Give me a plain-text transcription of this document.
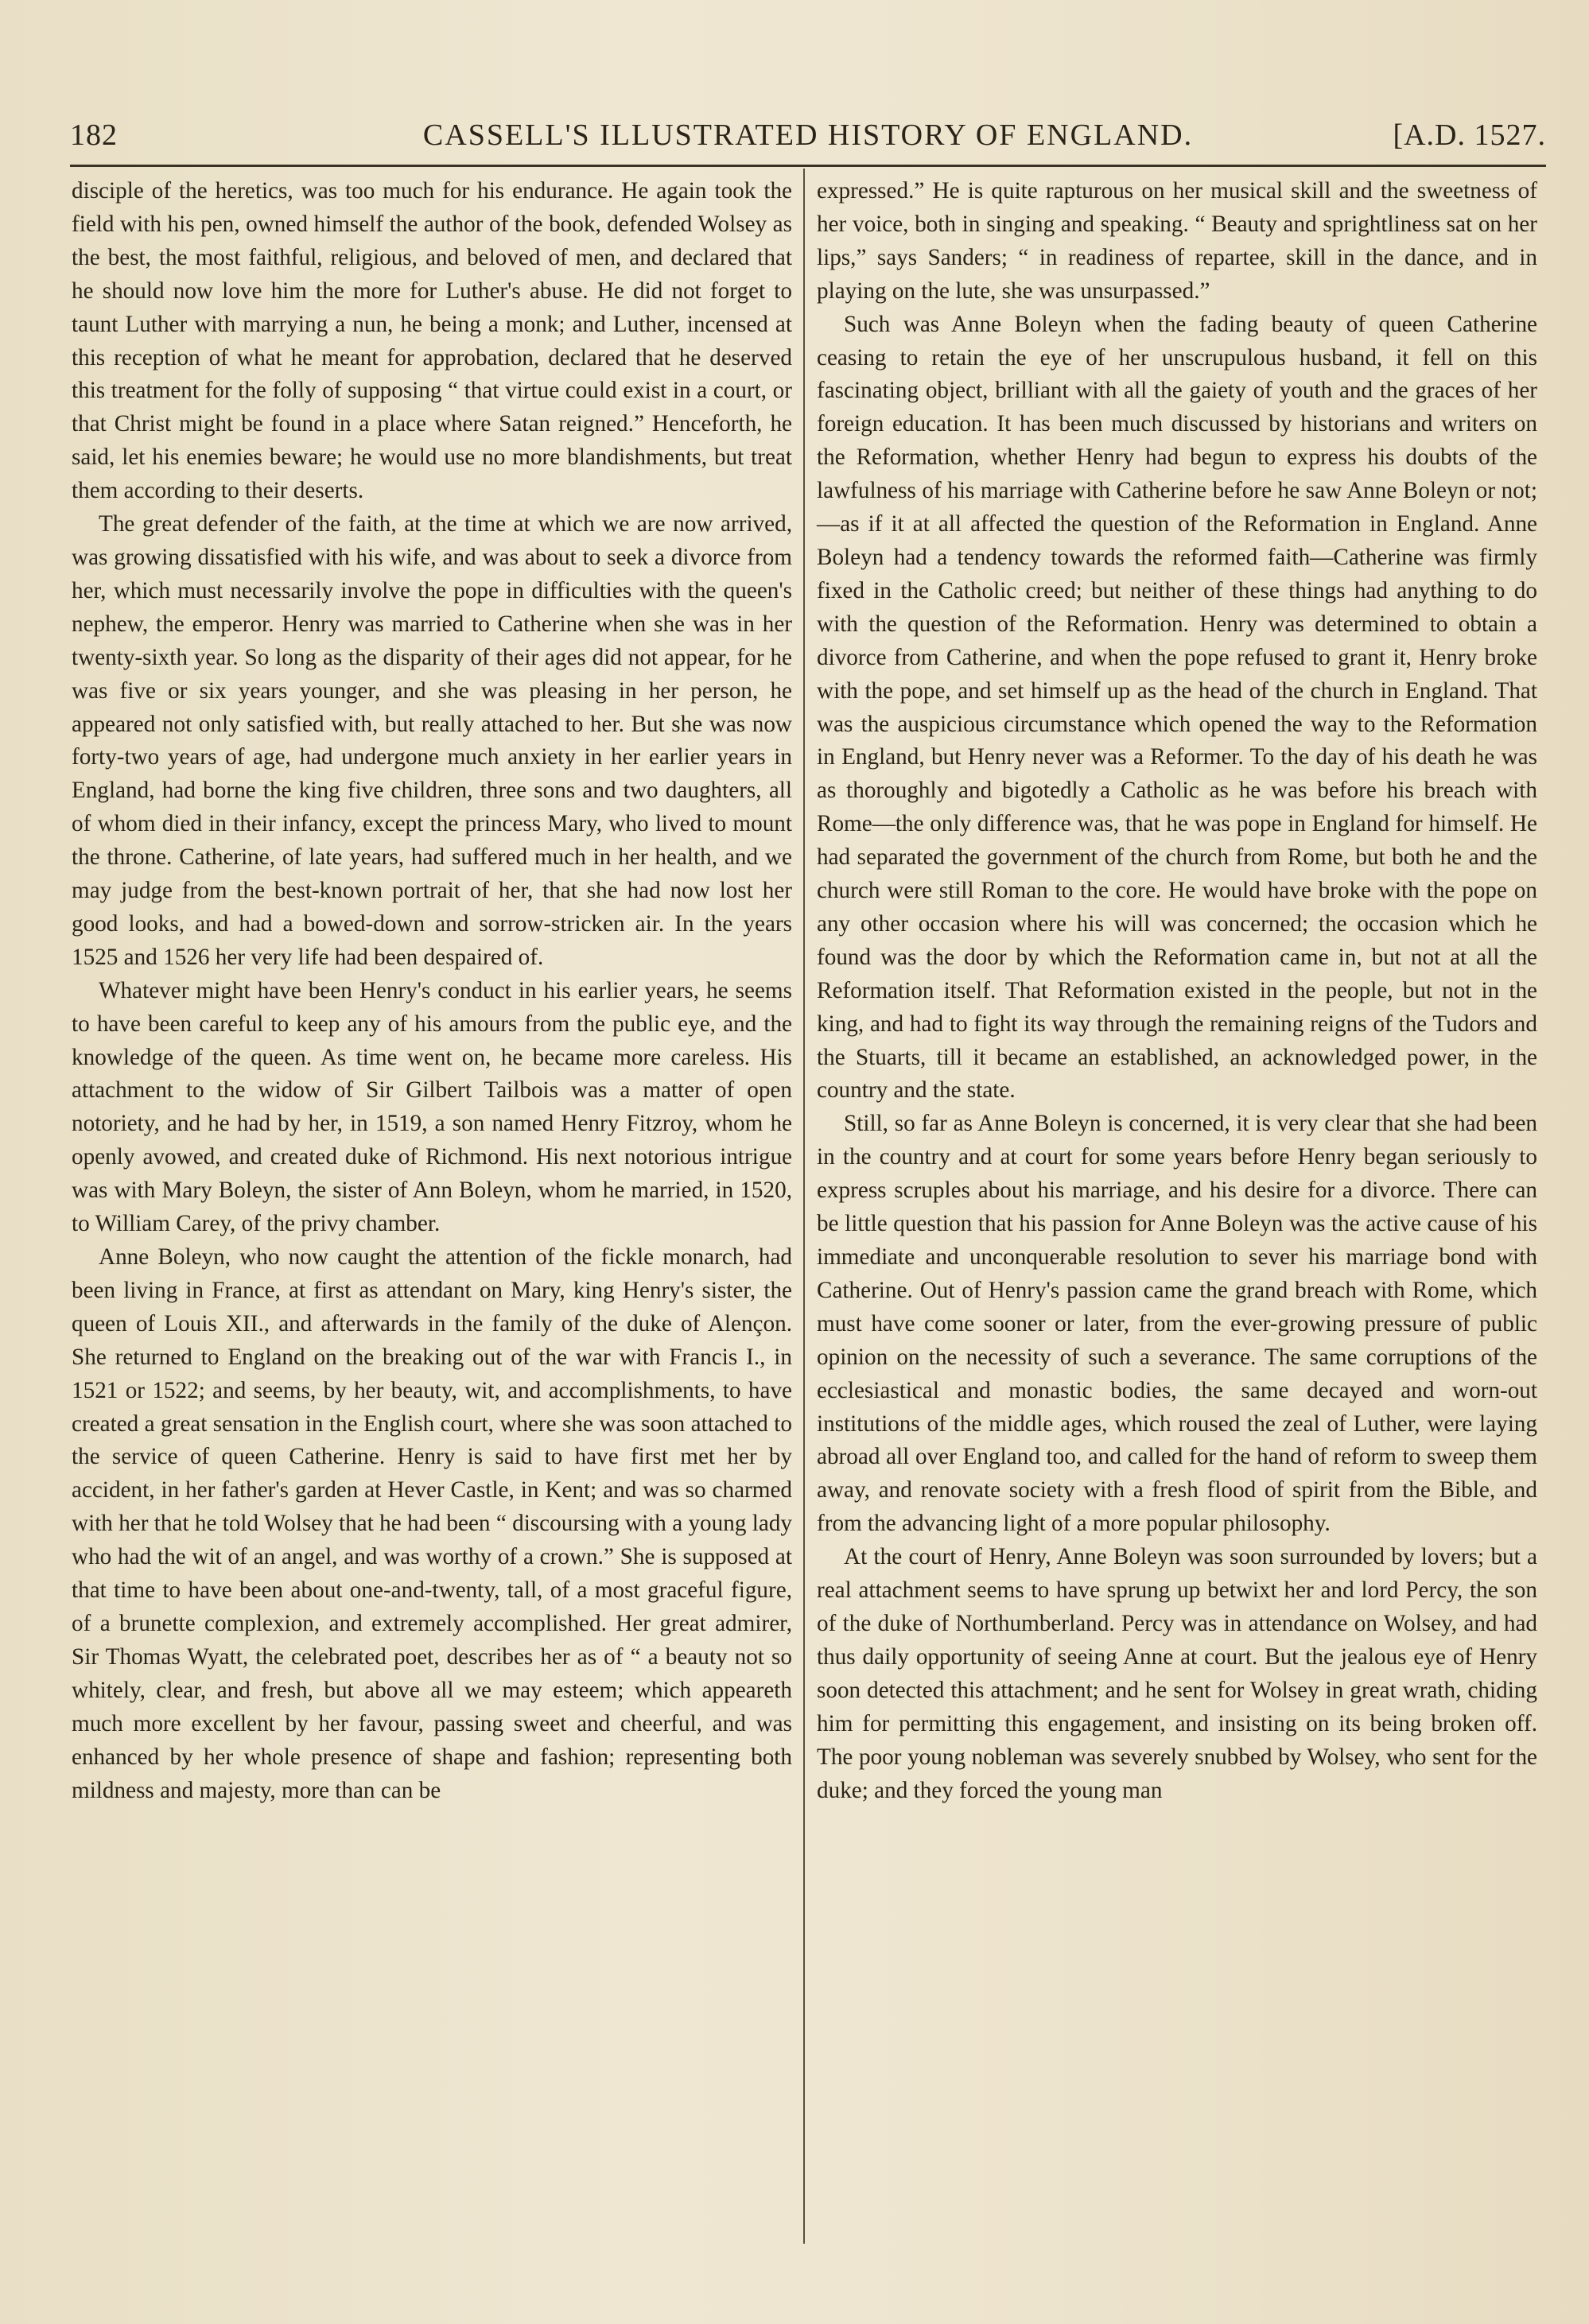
182	CASSELL'S ILLUSTRATED HISTORY OF ENGLAND.	[A.D. 1527.

disciple of the heretics, was too much for his endurance. He again took the field with his pen, owned himself the author of the book, defended Wolsey as the best, the most faithful, religious, and beloved of men, and declared that he should now love him the more for Luther's abuse. He did not forget to taunt Luther with marrying a nun, he being a monk; and Luther, incensed at this reception of what he meant for approbation, declared that he deserved this treatment for the folly of supposing “ that virtue could exist in a court, or that Christ might be found in a place where Satan reigned.” Henceforth, he said, let his enemies beware; he would use no more blandishments, but treat them according to their deserts.

The great defender of the faith, at the time at which we are now arrived, was growing dissatisfied with his wife, and was about to seek a divorce from her, which must necessarily involve the pope in difficulties with the queen's nephew, the emperor. Henry was married to Catherine when she was in her twenty-sixth year. So long as the disparity of their ages did not appear, for he was five or six years younger, and she was pleasing in her person, he appeared not only satisfied with, but really attached to her. But she was now forty-two years of age, had undergone much anxiety in her earlier years in England, had borne the king five children, three sons and two daughters, all of whom died in their infancy, except the princess Mary, who lived to mount the throne. Catherine, of late years, had suffered much in her health, and we may judge from the best-known portrait of her, that she had now lost her good looks, and had a bowed-down and sorrow-stricken air. In the years 1525 and 1526 her very life had been despaired of.

Whatever might have been Henry's conduct in his earlier years, he seems to have been careful to keep any of his amours from the public eye, and the knowledge of the queen. As time went on, he became more careless. His attachment to the widow of Sir Gilbert Tailbois was a matter of open notoriety, and he had by her, in 1519, a son named Henry Fitzroy, whom he openly avowed, and created duke of Richmond. His next notorious intrigue was with Mary Boleyn, the sister of Ann Boleyn, whom he married, in 1520, to William Carey, of the privy chamber.

Anne Boleyn, who now caught the attention of the fickle monarch, had been living in France, at first as attendant on Mary, king Henry's sister, the queen of Louis XII., and afterwards in the family of the duke of Alençon. She returned to England on the breaking out of the war with Francis I., in 1521 or 1522; and seems, by her beauty, wit, and accomplishments, to have created a great sensation in the English court, where she was soon attached to the service of queen Catherine. Henry is said to have first met her by accident, in her father's garden at Hever Castle, in Kent; and was so charmed with her that he told Wolsey that he had been “ discoursing with a young lady who had the wit of an angel, and was worthy of a crown.” She is supposed at that time to have been about one-and-twenty, tall, of a most graceful figure, of a brunette complexion, and extremely accomplished. Her great admirer, Sir Thomas Wyatt, the celebrated poet, describes her as of “ a beauty not so whitely, clear, and fresh, but above all we may esteem; which appeareth much more excellent by her favour, passing sweet and cheerful, and was enhanced by her whole presence of shape and fashion; representing both mildness and majesty, more than can be

expressed.” He is quite rapturous on her musical skill and the sweetness of her voice, both in singing and speaking. “ Beauty and sprightliness sat on her lips,” says Sanders; “ in readiness of repartee, skill in the dance, and in playing on the lute, she was unsurpassed.”

Such was Anne Boleyn when the fading beauty of queen Catherine ceasing to retain the eye of her unscrupulous husband, it fell on this fascinating object, brilliant with all the gaiety of youth and the graces of her foreign education. It has been much discussed by historians and writers on the Reformation, whether Henry had begun to express his doubts of the lawfulness of his marriage with Catherine before he saw Anne Boleyn or not;—as if it at all affected the question of the Reformation in England. Anne Boleyn had a tendency towards the reformed faith—Catherine was firmly fixed in the Catholic creed; but neither of these things had anything to do with the question of the Reformation. Henry was determined to obtain a divorce from Catherine, and when the pope refused to grant it, Henry broke with the pope, and set himself up as the head of the church in England. That was the auspicious circumstance which opened the way to the Reformation in England, but Henry never was a Reformer. To the day of his death he was as thoroughly and bigotedly a Catholic as he was before his breach with Rome—the only difference was, that he was pope in England for himself. He had separated the government of the church from Rome, but both he and the church were still Roman to the core. He would have broke with the pope on any other occasion where his will was concerned; the occasion which he found was the door by which the Reformation came in, but not at all the Reformation itself. That Reformation existed in the people, but not in the king, and had to fight its way through the remaining reigns of the Tudors and the Stuarts, till it became an established, an acknowledged power, in the country and the state.

Still, so far as Anne Boleyn is concerned, it is very clear that she had been in the country and at court for some years before Henry began seriously to express scruples about his marriage, and his desire for a divorce. There can be little question that his passion for Anne Boleyn was the active cause of his immediate and unconquerable resolution to sever his marriage bond with Catherine. Out of Henry's passion came the grand breach with Rome, which must have come sooner or later, from the ever-growing pressure of public opinion on the necessity of such a severance. The same corruptions of the ecclesiastical and monastic bodies, the same decayed and worn-out institutions of the middle ages, which roused the zeal of Luther, were laying abroad all over England too, and called for the hand of reform to sweep them away, and renovate society with a fresh flood of spirit from the Bible, and from the advancing light of a more popular philosophy.

At the court of Henry, Anne Boleyn was soon surrounded by lovers; but a real attachment seems to have sprung up betwixt her and lord Percy, the son of the duke of Northumberland. Percy was in attendance on Wolsey, and had thus daily opportunity of seeing Anne at court. But the jealous eye of Henry soon detected this attachment; and he sent for Wolsey in great wrath, chiding him for permitting this engagement, and insisting on its being broken off. The poor young nobleman was severely snubbed by Wolsey, who sent for the duke; and they forced the young man
